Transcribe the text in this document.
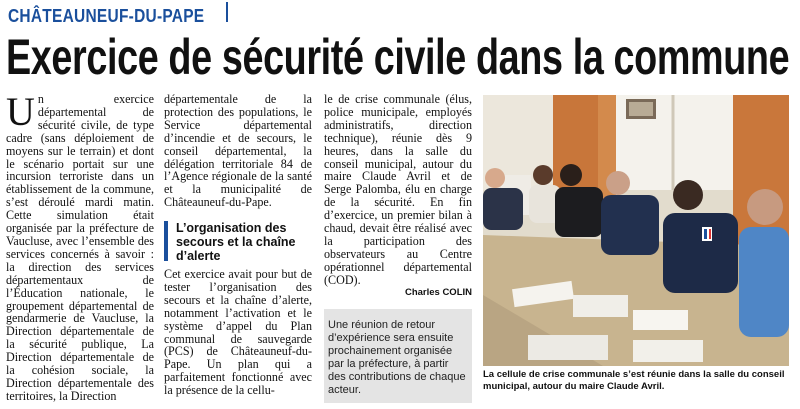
CHÂTEAUNEUF-DU-PAPE
Exercice de sécurité civile dans la commune
U n exercice départemental de sécurité civile, de type cadre (sans déploiement de moyens sur le terrain) et dont le scénario portait sur une incursion terroriste dans un établissement de la commune, s’est déroulé mardi matin. Cette simulation était organisée par la préfecture de Vaucluse, avec l’ensemble des services concernés à savoir : la direction des services départementaux de l’Éducation nationale, le groupement départemental de gendarmerie de Vaucluse, la Direction départementale de la sécurité publique, La Direction départementale de la cohésion sociale, la Direction départementale des territoires, la Direction

départementale de la protection des populations, le Service départemental d’incendie et de secours, le conseil départemental, la délégation territoriale 84 de l’Agence régionale de la santé et la municipalité de Châteauneuf-du-Pape.

L’organisation des secours et la chaîne d’alerte

Cet exercice avait pour but de tester l’organisation des secours et la chaîne d’alerte, notamment l’activation et le système d’appel du Plan communal de sauvegarde (PCS) de Châteauneuf-du-Pape. Un plan qui a parfaitement fonctionné avec la présence de la cellu-

le de crise communale (élus, police municipale, employés administratifs, direction technique), réunie dès 9 heures, dans la salle du conseil municipal, autour du maire Claude Avril et de Serge Palomba, élu en charge de la sécurité. En fin d’exercice, un premier bilan à chaud, devait être réalisé avec la participation des observateurs au Centre opérationnel départemental (COD).

Charles COLIN
Une réunion de retour d’expérience sera ensuite prochainement organisée par la préfecture, à partir des contributions de chaque acteur.
La cellule de crise communale s’est réunie dans la salle du conseil municipal, autour du maire Claude Avril.
